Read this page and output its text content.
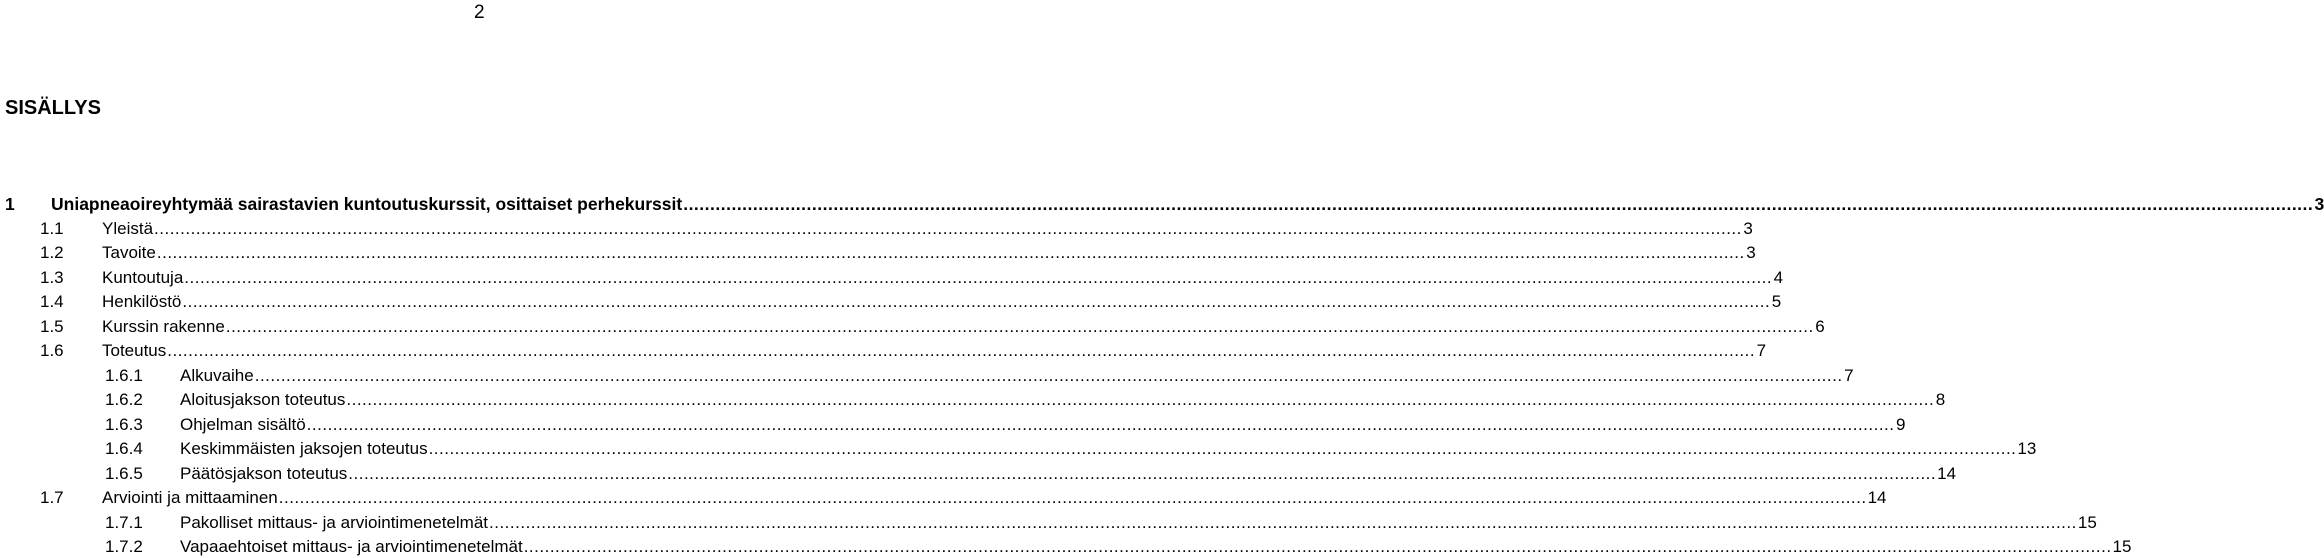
2
SISÄLLYS
1	Uniapneaoireyhtymää sairastavien kuntoutuskurssit, osittaiset perhekurssit .....	3
1.1	Yleistä .....	3
1.2	Tavoite .....	3
1.3	Kuntoutuja .....	4
1.4	Henkilöstö .....	5
1.5	Kurssin rakenne .....	6
1.6	Toteutus .....	7
1.6.1	Alkuvaihe .....	7
1.6.2	Aloitusjakson toteutus .....	8
1.6.3	Ohjelman sisältö .....	9
1.6.4	Keskimmäisten jaksojen toteutus .....	13
1.6.5	Päätösjakson toteutus .....	14
1.7	Arviointi ja mittaaminen .....	14
1.7.1	Pakolliset mittaus- ja arviointimenetelmät .....	15
1.7.2	Vapaaehtoiset mittaus- ja arviointimenetelmät .....	15
